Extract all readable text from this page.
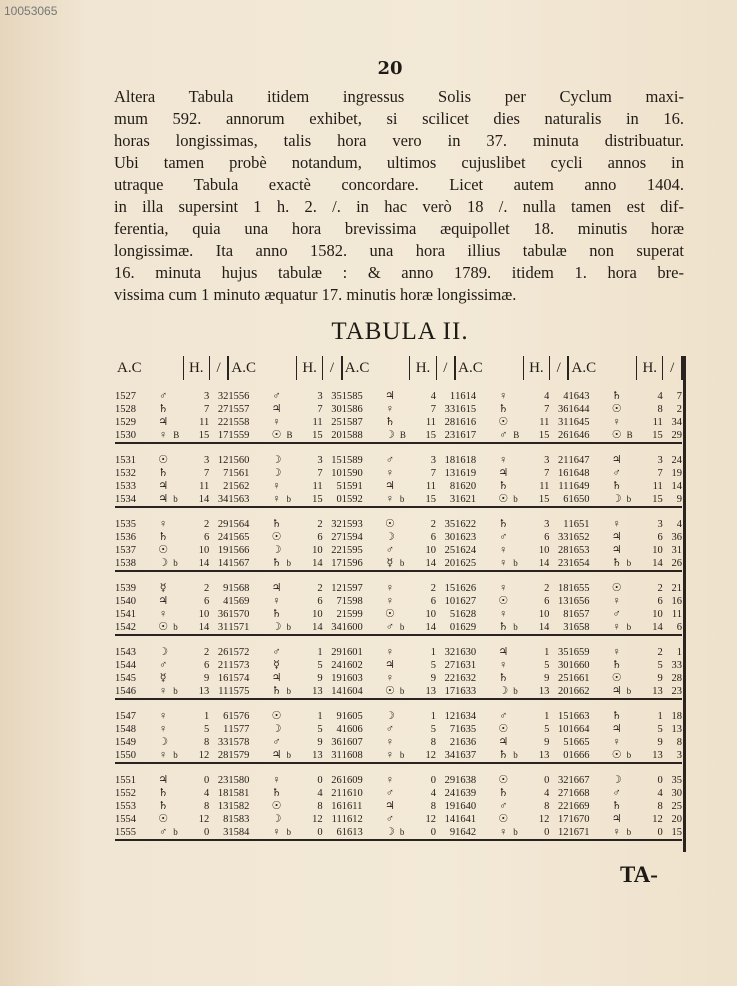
10053065
20
Altera Tabula itidem ingressus Solis per Cyclum maxi-
mum 592. annorum exhibet, si scilicet dies naturalis in 16.
horas longissimas, talis hora vero in 37. minuta distribuatur.
Ubi tamen probè notandum, ultimos cujuslibet cycli annos in
utraque Tabula exactè concordare. Licet autem anno 1404.
in illa supersint 1 h. 2. /. in hac verò 18 /. nulla tamen est dif-
ferentia, quia una hora brevissima æquipollet 18. minutis horæ
longissimæ. Ita anno 1582. una hora illius tabulæ non superat
16. minuta hujus tabulæ : & anno 1789. itidem 1. hora bre-
vissima cum 1 minuto æquatur 17. minutis horæ longissimæ.
TABULA II.
A.C			H.	/	A.C			H.	/	A.C			H.	/	A.C			H.	/	A.C			H.	/

1527	♂		3	32	1556	♂		3	35	1585	♃		4	1	1614	♀		4	4	1643	♄		4	7
1528	♄		7	27	1557	♃		7	30	1586	♀		7	33	1615	♄		7	36	1644	☉		8	2
1529	♃		11	22	1558	♀		11	25	1587	♄		11	28	1616	☉		11	31	1645	♀		11	34
1530	♀	B	15	17	1559	☉	B	15	20	1588	☽	B	15	23	1617	♂	B	15	26	1646	☉	B	15	29

1531	☉		3	12	1560	☽		3	15	1589	♂		3	18	1618	♀		3	21	1647	♃		3	24
1532	♄		7	7	1561	☽		7	10	1590	♀		7	13	1619	♃		7	16	1648	♂		7	19
1533	♃		11	2	1562	♀		11	5	1591	♃		11	8	1620	♄		11	11	1649	♄		11	14
1534	♃	b	14	34	1563	♀	b	15	0	1592	♀	b	15	3	1621	☉	b	15	6	1650	☽	b	15	9

1535	♀		2	29	1564	♄		2	32	1593	☉		2	35	1622	♄		3	1	1651	♀		3	4
1536	♄		6	24	1565	☉		6	27	1594	☽		6	30	1623	♂		6	33	1652	♃		6	36
1537	☉		10	19	1566	☽		10	22	1595	♂		10	25	1624	♀		10	28	1653	♃		10	31
1538	☽	b	14	14	1567	♄	b	14	17	1596	☿	b	14	20	1625	♀	b	14	23	1654	♄	b	14	26

1539	☿		2	9	1568	♃		2	12	1597	♀		2	15	1626	♀		2	18	1655	☉		2	21
1540	♃		6	4	1569	♀		6	7	1598	♀		6	10	1627	☉		6	13	1656	♀		6	16
1541	♀		10	36	1570	♄		10	2	1599	☉		10	5	1628	♀		10	8	1657	♂		10	11
1542	☉	b	14	31	1571	☽	b	14	34	1600	♂	b	14	0	1629	♄	b	14	3	1658	♀	b	14	6

1543	☽		2	26	1572	♂		1	29	1601	♀		1	32	1630	♃		1	35	1659	♀		2	1
1544	♂		6	21	1573	☿		5	24	1602	♃		5	27	1631	♀		5	30	1660	♄		5	33
1545	☿		9	16	1574	♃		9	19	1603	♀		9	22	1632	♄		9	25	1661	☉		9	28
1546	♀	b	13	11	1575	♄	b	13	14	1604	☉	b	13	17	1633	☽	b	13	20	1662	♃	b	13	23

1547	♀		1	6	1576	☉		1	9	1605	☽		1	12	1634	♂		1	15	1663	♄		1	18
1548	♀		5	1	1577	☽		5	4	1606	♂		5	7	1635	☉		5	10	1664	♃		5	13
1549	☽		8	33	1578	♂		9	36	1607	♀		8	2	1636	♃		9	5	1665	♀		9	8
1550	♀	b	12	28	1579	♃	b	13	31	1608	♀	b	12	34	1637	♄	b	13	0	1666	☉	b	13	3

1551	♃		0	23	1580	♀		0	26	1609	♀		0	29	1638	☉		0	32	1667	☽		0	35
1552	♄		4	18	1581	♄		4	21	1610	♂		4	24	1639	♄		4	27	1668	♂		4	30
1553	♄		8	13	1582	☉		8	16	1611	♃		8	19	1640	♂		8	22	1669	♄		8	25
1554	☉		12	8	1583	☽		12	11	1612	♂		12	14	1641	☉		12	17	1670	♃		12	20
1555	♂	b	0	3	1584	♀	b	0	6	1613	☽	b	0	9	1642	♀	b	0	12	1671	♀	b	0	15
TA-
